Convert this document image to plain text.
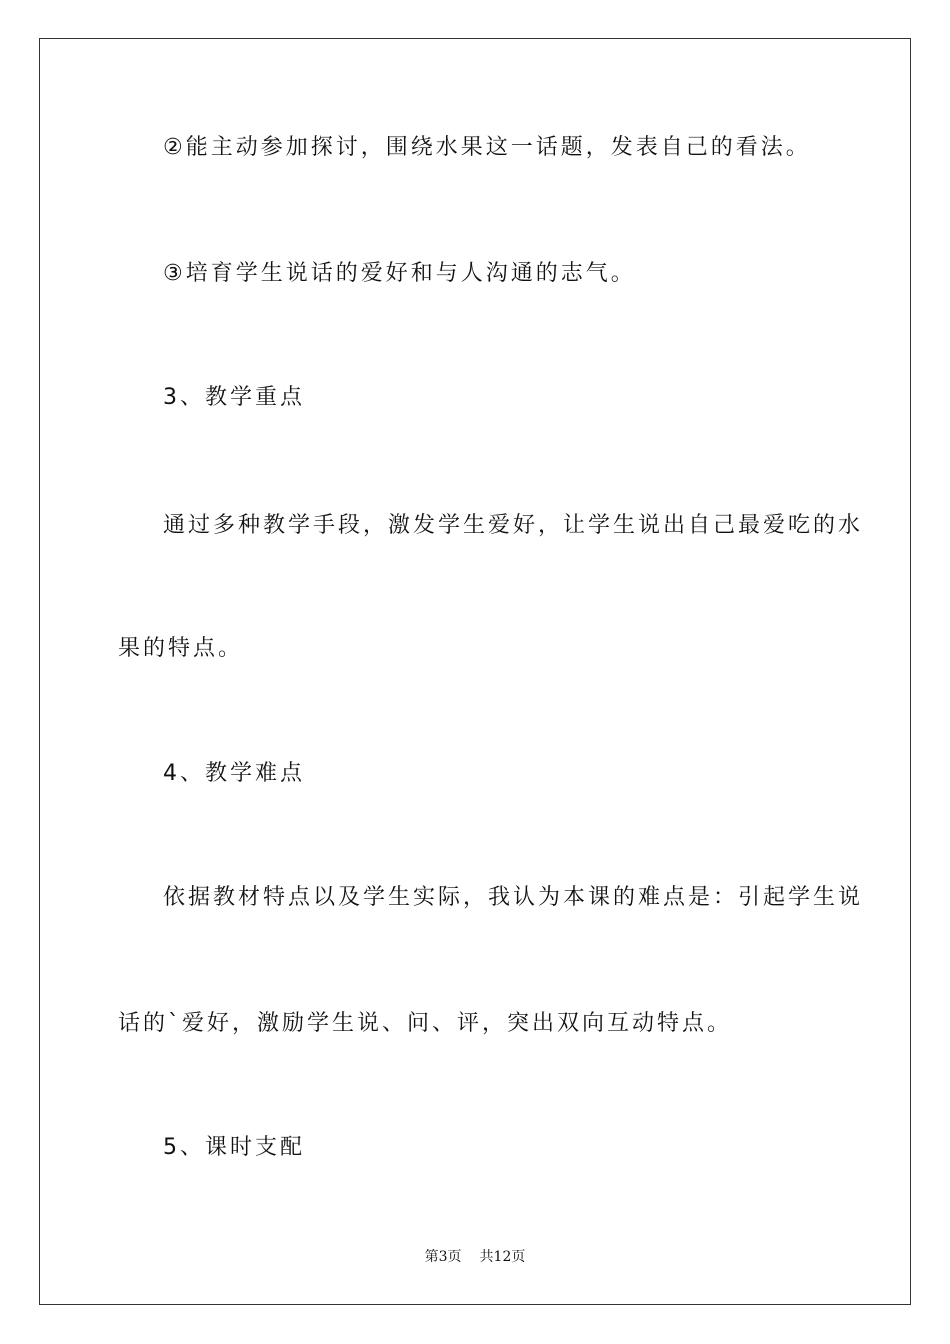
②能主动参加探讨，围绕水果这一话题，发表自己的看法。
③培育学生说话的爱好和与人沟通的志气。
3、教学重点
通过多种教学手段，激发学生爱好，让学生说出自己最爱吃的水
果的特点。
4、教学难点
依据教材特点以及学生实际，我认为本课的难点是：引起学生说
话的`爱好，激励学生说、问、评，突出双向互动特点。
5、课时支配
第3页 共12页
